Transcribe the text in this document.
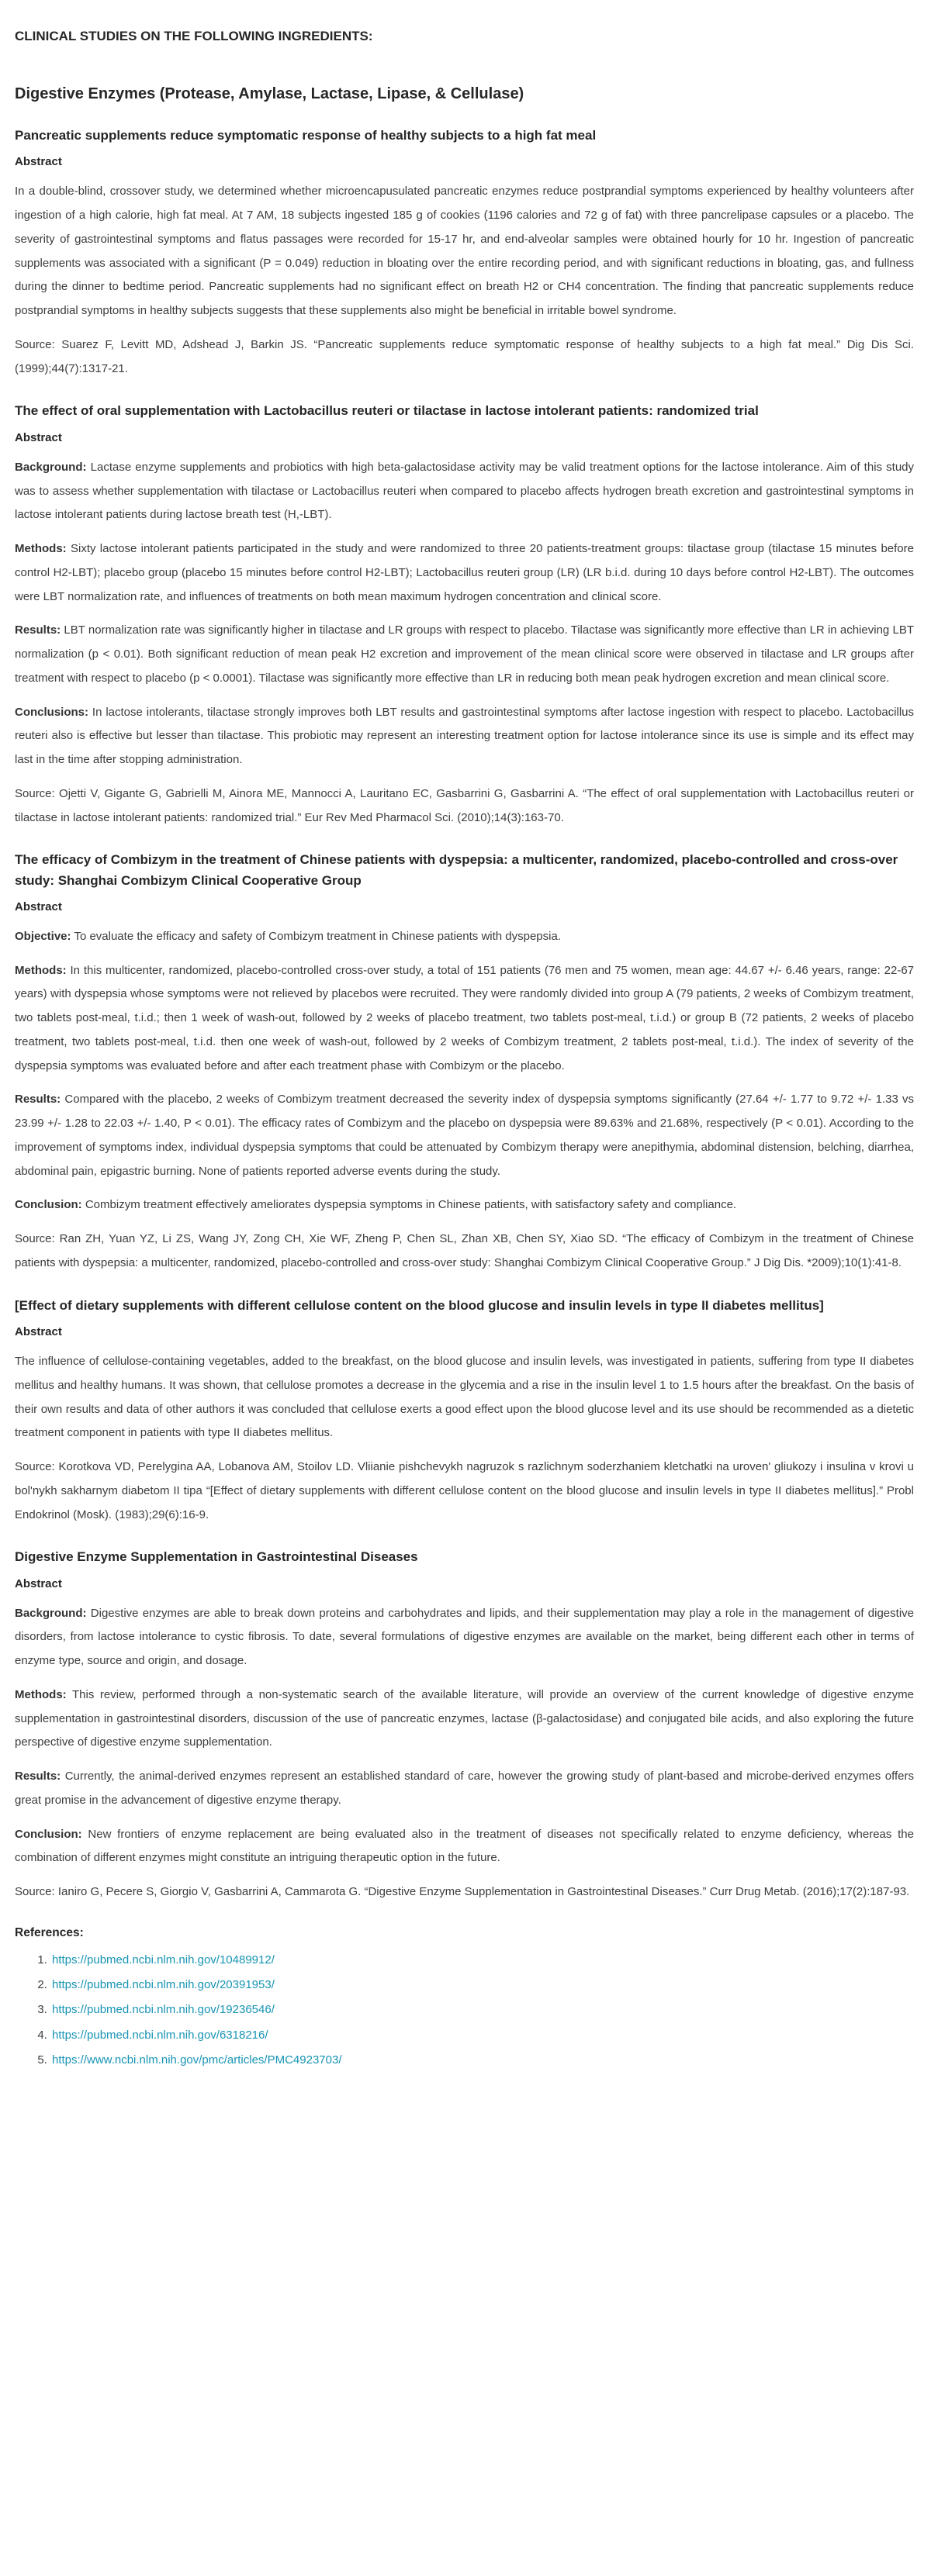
CLINICAL STUDIES ON THE FOLLOWING INGREDIENTS:
Digestive Enzymes (Protease, Amylase, Lactase, Lipase, & Cellulase)
Pancreatic supplements reduce symptomatic response of healthy subjects to a high fat meal
Abstract

In a double-blind, crossover study, we determined whether microencapusulated pancreatic enzymes reduce postprandial symptoms experienced by healthy volunteers after ingestion of a high calorie, high fat meal. At 7 AM, 18 subjects ingested 185 g of cookies (1196 calories and 72 g of fat) with three pancrelipase capsules or a placebo. The severity of gastrointestinal symptoms and flatus passages were recorded for 15-17 hr, and end-alveolar samples were obtained hourly for 10 hr. Ingestion of pancreatic supplements was associated with a significant (P = 0.049) reduction in bloating over the entire recording period, and with significant reductions in bloating, gas, and fullness during the dinner to bedtime period. Pancreatic supplements had no significant effect on breath H2 or CH4 concentration. The finding that pancreatic supplements reduce postprandial symptoms in healthy subjects suggests that these supplements also might be beneficial in irritable bowel syndrome.

Source: Suarez F, Levitt MD, Adshead J, Barkin JS. “Pancreatic supplements reduce symptomatic response of healthy subjects to a high fat meal.” Dig Dis Sci. (1999);44(7):1317-21.

The effect of oral supplementation with Lactobacillus reuteri or tilactase in lactose intolerant patients: randomized trial
Abstract

Background: Lactase enzyme supplements and probiotics with high beta-galactosidase activity may be valid treatment options for the lactose intolerance. Aim of this study was to assess whether supplementation with tilactase or Lactobacillus reuteri when compared to placebo affects hydrogen breath excretion and gastrointestinal symptoms in lactose intolerant patients during lactose breath test (H,-LBT).

Methods: Sixty lactose intolerant patients participated in the study and were randomized to three 20 patients-treatment groups: tilactase group (tilactase 15 minutes before control H2-LBT); placebo group (placebo 15 minutes before control H2-LBT); Lactobacillus reuteri group (LR) (LR b.i.d. during 10 days before control H2-LBT). The outcomes were LBT normalization rate, and influences of treatments on both mean maximum hydrogen concentration and clinical score.

Results: LBT normalization rate was significantly higher in tilactase and LR groups with respect to placebo. Tilactase was significantly more effective than LR in achieving LBT normalization (p < 0.01). Both significant reduction of mean peak H2 excretion and improvement of the mean clinical score were observed in tilactase and LR groups after treatment with respect to placebo (p < 0.0001). Tilactase was significantly more effective than LR in reducing both mean peak hydrogen excretion and mean clinical score.

Conclusions: In lactose intolerants, tilactase strongly improves both LBT results and gastrointestinal symptoms after lactose ingestion with respect to placebo. Lactobacillus reuteri also is effective but lesser than tilactase. This probiotic may represent an interesting treatment option for lactose intolerance since its use is simple and its effect may last in the time after stopping administration.

Source: Ojetti V, Gigante G, Gabrielli M, Ainora ME, Mannocci A, Lauritano EC, Gasbarrini G, Gasbarrini A. “The effect of oral supplementation with Lactobacillus reuteri or tilactase in lactose intolerant patients: randomized trial.” Eur Rev Med Pharmacol Sci. (2010);14(3):163-70.

The efficacy of Combizym in the treatment of Chinese patients with dyspepsia: a multicenter, randomized, placebo-controlled and cross-over study: Shanghai Combizym Clinical Cooperative Group
Abstract

Objective: To evaluate the efficacy and safety of Combizym treatment in Chinese patients with dyspepsia.

Methods: In this multicenter, randomized, placebo-controlled cross-over study, a total of 151 patients (76 men and 75 women, mean age: 44.67 +/- 6.46 years, range: 22-67 years) with dyspepsia whose symptoms were not relieved by placebos were recruited. They were randomly divided into group A (79 patients, 2 weeks of Combizym treatment, two tablets post-meal, t.i.d.; then 1 week of wash-out, followed by 2 weeks of placebo treatment, two tablets post-meal, t.i.d.) or group B (72 patients, 2 weeks of placebo treatment, two tablets post-meal, t.i.d. then one week of wash-out, followed by 2 weeks of Combizym treatment, 2 tablets post-meal, t.i.d.). The index of severity of the dyspepsia symptoms was evaluated before and after each treatment phase with Combizym or the placebo.

Results: Compared with the placebo, 2 weeks of Combizym treatment decreased the severity index of dyspepsia symptoms significantly (27.64 +/- 1.77 to 9.72 +/- 1.33 vs 23.99 +/- 1.28 to 22.03 +/- 1.40, P < 0.01). The efficacy rates of Combizym and the placebo on dyspepsia were 89.63% and 21.68%, respectively (P < 0.01). According to the improvement of symptoms index, individual dyspepsia symptoms that could be attenuated by Combizym therapy were anepithymia, abdominal distension, belching, diarrhea, abdominal pain, epigastric burning. None of patients reported adverse events during the study.

Conclusion: Combizym treatment effectively ameliorates dyspepsia symptoms in Chinese patients, with satisfactory safety and compliance.

Source: Ran ZH, Yuan YZ, Li ZS, Wang JY, Zong CH, Xie WF, Zheng P, Chen SL, Zhan XB, Chen SY, Xiao SD. “The efficacy of Combizym in the treatment of Chinese patients with dyspepsia: a multicenter, randomized, placebo-controlled and cross-over study: Shanghai Combizym Clinical Cooperative Group.” J Dig Dis. *2009);10(1):41-8.

[Effect of dietary supplements with different cellulose content on the blood glucose and insulin levels in type II diabetes mellitus]
Abstract

The influence of cellulose-containing vegetables, added to the breakfast, on the blood glucose and insulin levels, was investigated in patients, suffering from type II diabetes mellitus and healthy humans. It was shown, that cellulose promotes a decrease in the glycemia and a rise in the insulin level 1 to 1.5 hours after the breakfast. On the basis of their own results and data of other authors it was concluded that cellulose exerts a good effect upon the blood glucose level and its use should be recommended as a dietetic treatment component in patients with type II diabetes mellitus.

Source: Korotkova VD, Perelygina AA, Lobanova AM, Stoilov LD. Vliianie pishchevykh nagruzok s razlichnym soderzhaniem kletchatki na uroven' gliukozy i insulina v krovi u bol'nykh sakharnym diabetom II tipa “[Effect of dietary supplements with different cellulose content on the blood glucose and insulin levels in type II diabetes mellitus].” Probl Endokrinol (Mosk). (1983);29(6):16-9.

Digestive Enzyme Supplementation in Gastrointestinal Diseases
Abstract

Background: Digestive enzymes are able to break down proteins and carbohydrates and lipids, and their supplementation may play a role in the management of digestive disorders, from lactose intolerance to cystic fibrosis. To date, several formulations of digestive enzymes are available on the market, being different each other in terms of enzyme type, source and origin, and dosage.

Methods: This review, performed through a non-systematic search of the available literature, will provide an overview of the current knowledge of digestive enzyme supplementation in gastrointestinal disorders, discussion of the use of pancreatic enzymes, lactase (β-galactosidase) and conjugated bile acids, and also exploring the future perspective of digestive enzyme supplementation.

Results: Currently, the animal-derived enzymes represent an established standard of care, however the growing study of plant-based and microbe-derived enzymes offers great promise in the advancement of digestive enzyme therapy.

Conclusion: New frontiers of enzyme replacement are being evaluated also in the treatment of diseases not specifically related to enzyme deficiency, whereas the combination of different enzymes might constitute an intriguing therapeutic option in the future.

Source: Ianiro G, Pecere S, Giorgio V, Gasbarrini A, Cammarota G. “Digestive Enzyme Supplementation in Gastrointestinal Diseases.” Curr Drug Metab. (2016);17(2):187-93.

References:
1. https://pubmed.ncbi.nlm.nih.gov/10489912/
2. https://pubmed.ncbi.nlm.nih.gov/20391953/
3. https://pubmed.ncbi.nlm.nih.gov/19236546/
4. https://pubmed.ncbi.nlm.nih.gov/6318216/
5. https://www.ncbi.nlm.nih.gov/pmc/articles/PMC4923703/
